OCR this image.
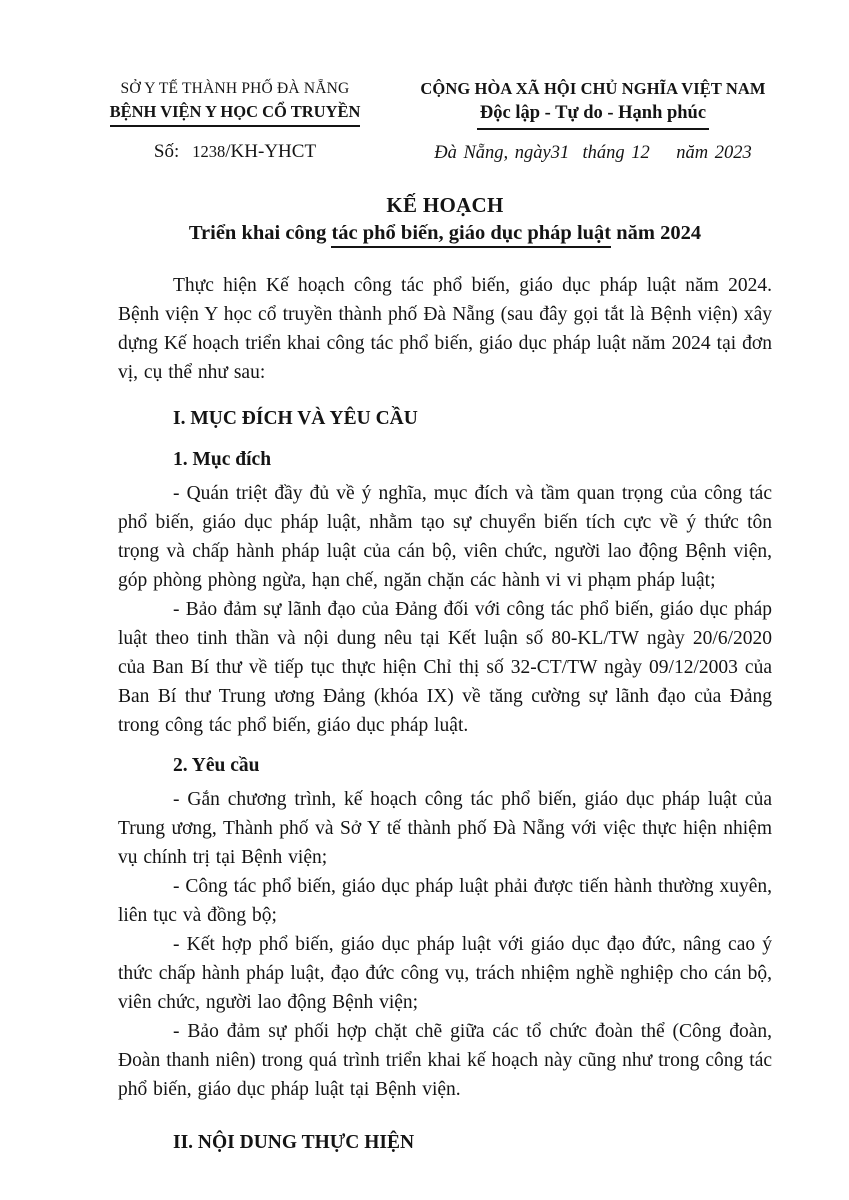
SỞ Y TẾ THÀNH PHỐ ĐÀ NẴNG
BỆNH VIỆN Y HỌC CỔ TRUYỀN
Số: 1238/KH-YHCT
CỘNG HÒA XÃ HỘI CHỦ NGHĨA VIỆT NAM
Độc lập - Tự do - Hạnh phúc
Đà Nẵng, ngày31  tháng 12    năm 2023
KẾ HOẠCH
Triển khai công tác phổ biến, giáo dục pháp luật năm 2024

Thực hiện Kế hoạch công tác phổ biến, giáo dục pháp luật năm 2024. Bệnh viện Y học cổ truyền thành phố Đà Nẵng (sau đây gọi tắt là Bệnh viện) xây dựng Kế hoạch triển khai công tác phổ biến, giáo dục pháp luật năm 2024 tại đơn vị, cụ thể như sau:

I. MỤC ĐÍCH VÀ YÊU CẦU
1. Mục đích

- Quán triệt đầy đủ về ý nghĩa, mục đích và tầm quan trọng của công tác phổ biến, giáo dục pháp luật, nhằm tạo sự chuyển biến tích cực về ý thức tôn trọng và chấp hành pháp luật của cán bộ, viên chức, người lao động Bệnh viện, góp phòng phòng ngừa, hạn chế, ngăn chặn các hành vi vi phạm pháp luật;

- Bảo đảm sự lãnh đạo của Đảng đối với công tác phổ biến, giáo dục pháp luật theo tinh thần và nội dung nêu tại Kết luận số 80-KL/TW ngày 20/6/2020 của Ban Bí thư về tiếp tục thực hiện Chỉ thị số 32-CT/TW ngày 09/12/2003 của Ban Bí thư Trung ương Đảng (khóa IX) về tăng cường sự lãnh đạo của Đảng trong công tác phổ biến, giáo dục pháp luật.

2. Yêu cầu

- Gắn chương trình, kế hoạch công tác phổ biến, giáo dục pháp luật của Trung ương, Thành phố và Sở Y tế thành phố Đà Nẵng với việc thực hiện nhiệm vụ chính trị tại Bệnh viện;

- Công tác phổ biến, giáo dục pháp luật phải được tiến hành thường xuyên, liên tục và đồng bộ;

- Kết hợp phổ biến, giáo dục pháp luật với giáo dục đạo đức, nâng cao ý thức chấp hành pháp luật, đạo đức công vụ, trách nhiệm nghề nghiệp cho cán bộ, viên chức, người lao động Bệnh viện;

- Bảo đảm sự phối hợp chặt chẽ giữa các tổ chức đoàn thể (Công đoàn, Đoàn thanh niên) trong quá trình triển khai kế hoạch này cũng như trong công tác phổ biến, giáo dục pháp luật tại Bệnh viện.

II. NỘI DUNG THỰC HIỆN
